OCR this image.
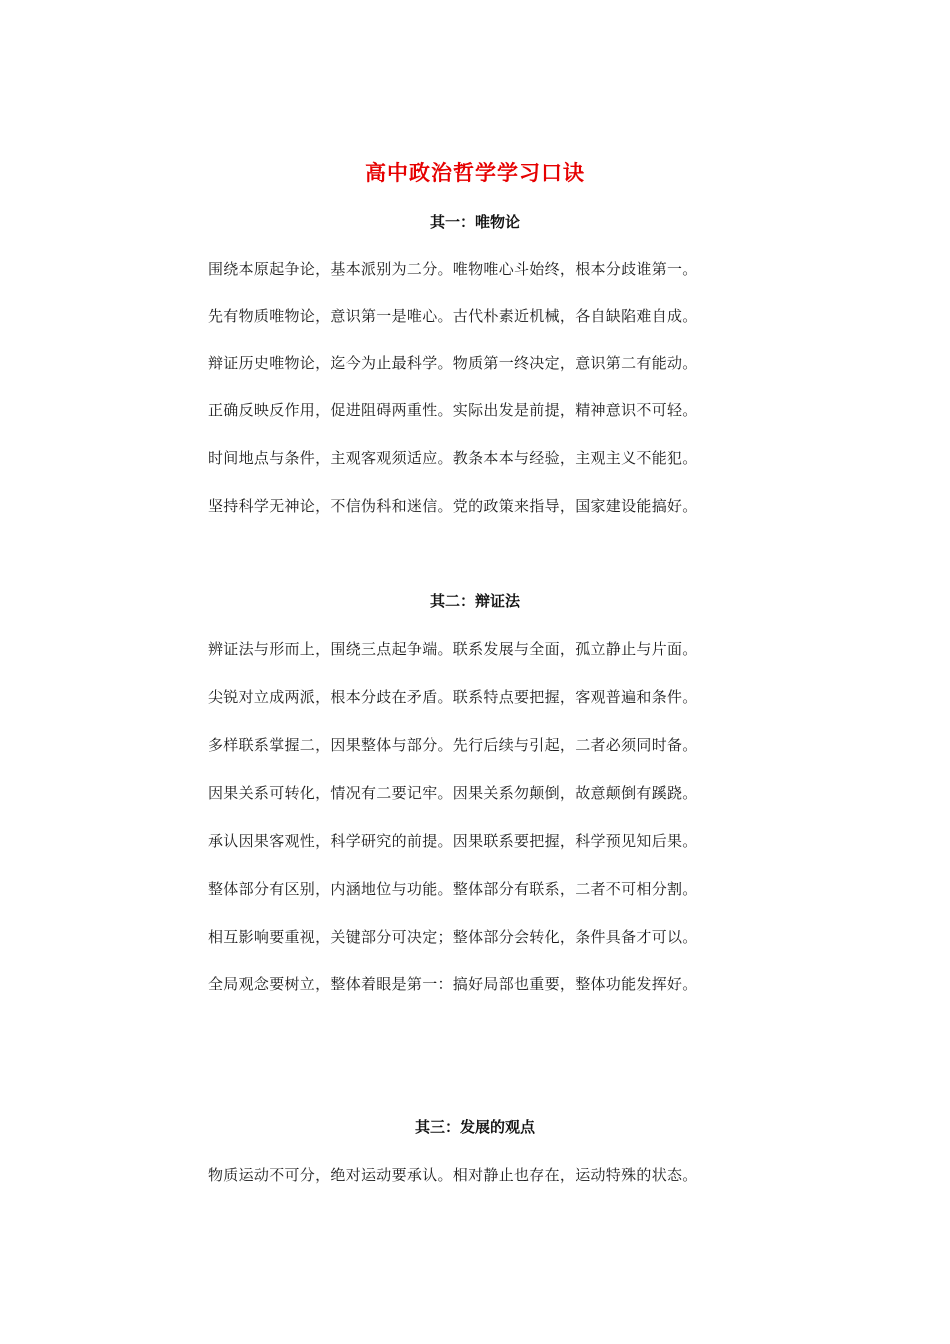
高中政治哲学学习口诀
其一：唯物论
围绕本原起争论，基本派别为二分。唯物唯心斗始终，根本分歧谁第一。
先有物质唯物论，意识第一是唯心。古代朴素近机械，各自缺陷难自成。
辩证历史唯物论，迄今为止最科学。物质第一终决定，意识第二有能动。
正确反映反作用，促进阻碍两重性。实际出发是前提，精神意识不可轻。
时间地点与条件，主观客观须适应。教条本本与经验，主观主义不能犯。
坚持科学无神论，不信伪科和迷信。党的政策来指导，国家建设能搞好。
其二：辩证法
辨证法与形而上，围绕三点起争端。联系发展与全面，孤立静止与片面。
尖锐对立成两派，根本分歧在矛盾。联系特点要把握，客观普遍和条件。
多样联系掌握二，因果整体与部分。先行后续与引起，二者必须同时备。
因果关系可转化，情况有二要记牢。因果关系勿颠倒，故意颠倒有蹊跷。
承认因果客观性，科学研究的前提。因果联系要把握，科学预见知后果。
整体部分有区别，内涵地位与功能。整体部分有联系，二者不可相分割。
相互影响要重视，关键部分可决定；整体部分会转化，条件具备才可以。
全局观念要树立，整体着眼是第一：搞好局部也重要，整体功能发挥好。
其三：发展的观点
物质运动不可分，绝对运动要承认。相对静止也存在，运动特殊的状态。
